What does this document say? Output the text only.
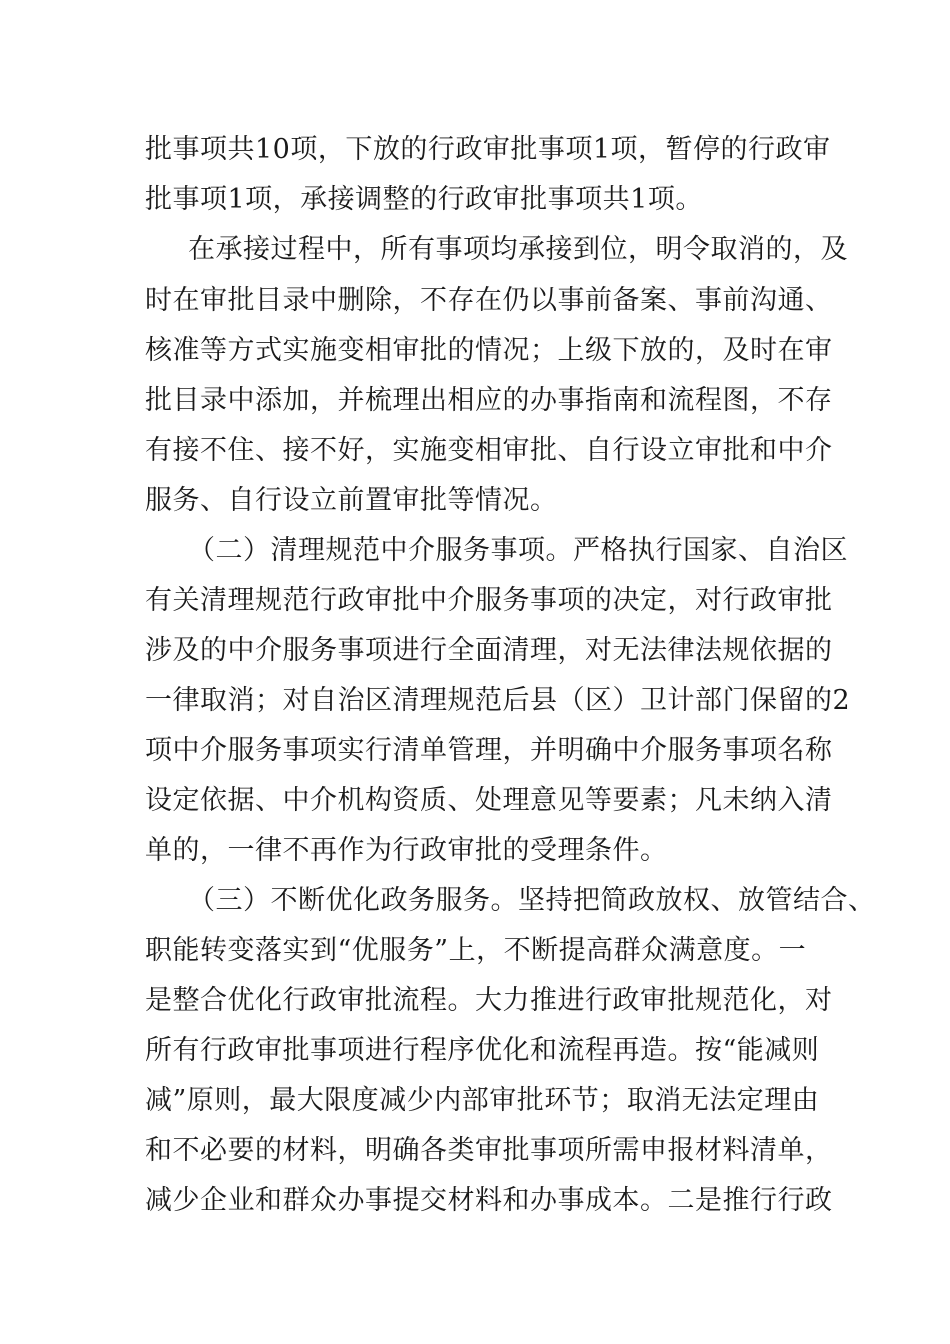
批事项共10项，下放的行政审批事项1项，暂停的行政审
批事项1项，承接调整的行政审批事项共1项。
在承接过程中，所有事项均承接到位，明令取消的，及
时在审批目录中删除，不存在仍以事前备案、事前沟通、
核准等方式实施变相审批的情况；上级下放的，及时在审
批目录中添加，并梳理出相应的办事指南和流程图，不存
有接不住、接不好，实施变相审批、自行设立审批和中介
服务、自行设立前置审批等情况。
（二）清理规范中介服务事项。严格执行国家、自治区
有关清理规范行政审批中介服务事项的决定，对行政审批
涉及的中介服务事项进行全面清理，对无法律法规依据的
一律取消；对自治区清理规范后县（区）卫计部门保留的2
项中介服务事项实行清单管理，并明确中介服务事项名称
设定依据、中介机构资质、处理意见等要素；凡未纳入清
单的，一律不再作为行政审批的受理条件。
（三）不断优化政务服务。坚持把简政放权、放管结合、
职能转变落实到“优服务”上，不断提高群众满意度。一
是整合优化行政审批流程。大力推进行政审批规范化，对
所有行政审批事项进行程序优化和流程再造。按“能减则
减”原则，最大限度减少内部审批环节；取消无法定理由
和不必要的材料，明确各类审批事项所需申报材料清单，
减少企业和群众办事提交材料和办事成本。二是推行行政
